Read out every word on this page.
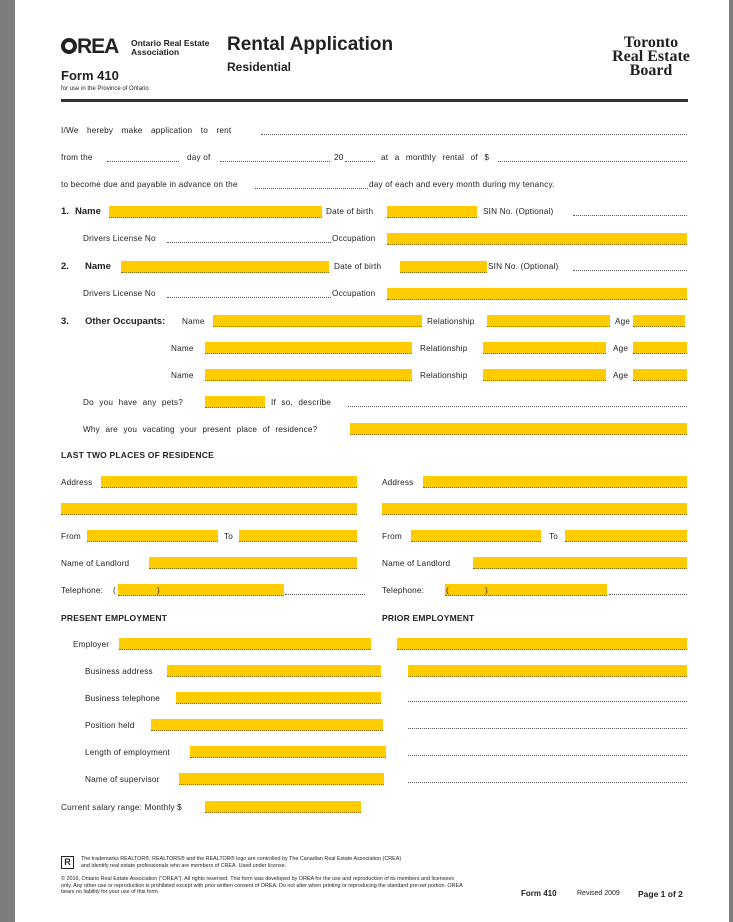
REA Ontario Real Estate Association	Rental Application
Residential
Form 410
for use in the Province of Ontario
Toronto
Real Estate
Board
I/We hereby make application to rent
from the	day of	20	at a monthly rental of $
to become due and payable in advance on the	day of each and every month during my tenancy.
1. Name	Date of birth	SIN No. (Optional)
Drivers License No	Occupation
2. Name	Date of birth	SIN No. (Optional)
Drivers License No	Occupation
3. Other Occupants: Name	Relationship	Age
Name	Relationship	Age
Name	Relationship	Age
Do you have any pets?	If so, describe
Why are you vacating your present place of residence?
LAST TWO PLACES OF RESIDENCE
Address
From	To
Name of Landlord
Telephone: (	)
Address
From	To
Name of Landlord
Telephone:	(	)
PRESENT EMPLOYMENT	PRIOR EMPLOYMENT
Employer
Business address
Business telephone
Position held
Length of employment
Name of supervisor
Current salary range: Monthly $
R	The trademarks REALTOR®, REALTORS® and the REALTOR® logo are controlled by The Canadian Real Estate Association (CREA) and identify real estate professionals who are members of CREA. Used under license.
© 2016, Ontario Real Estate Association ("OREA"). All rights reserved. This form was developed by OREA for the use and reproduction of its members and licensees only. Any other use or reproduction is prohibited except with prior written consent of OREA. Do not alter when printing or reproducing the standard pre-set portion. OREA bears no liability for your use of this form.	Form 410	Revised 2009 Page 1 of 2
